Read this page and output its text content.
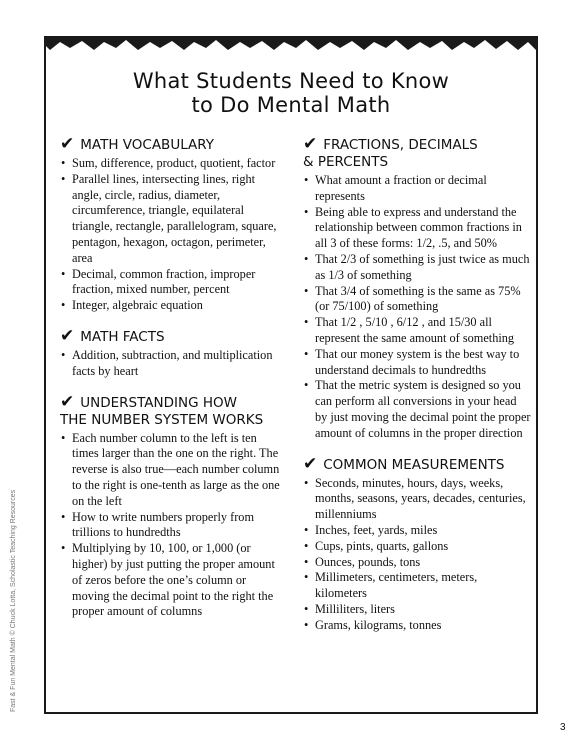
What Students Need to Know
to Do Mental Math
✔ MATH VOCABULARY
• Sum, difference, product, quotient, factor
• Parallel lines, intersecting lines, right angle, circle, radius, diameter, circumference, triangle, equilateral triangle, rectangle, parallelogram, square, pentagon, hexagon, octagon, perimeter, area
• Decimal, common fraction, improper fraction, mixed number, percent
• Integer, algebraic equation
✔ MATH FACTS
• Addition, subtraction, and multiplication facts by heart
✔ UNDERSTANDING HOW
THE NUMBER SYSTEM WORKS
• Each number column to the left is ten times larger than the one on the right. The reverse is also true—each number column to the right is one-tenth as large as the one on the left
• How to write numbers properly from trillions to hundredths
• Multiplying by 10, 100, or 1,000 (or higher) by just putting the proper amount of zeros before the one’s column or moving the decimal point to the right the proper amount of columns
✔ FRACTIONS, DECIMALS
& PERCENTS
• What amount a fraction or decimal represents
• Being able to express and understand the relationship between common fractions in all 3 of these forms: 1/2, .5, and 50%
• That 2/3 of something is just twice as much as 1/3 of something
• That 3/4 of something is the same as 75% (or 75/100) of something
• That 1/2 , 5/10 , 6/12 , and 15/30 all represent the same amount of something
• That our money system is the best way to understand decimals to hundredths
• That the metric system is designed so you can perform all conversions in your head by just moving the decimal point the proper amount of columns in the proper direction
✔ COMMON MEASUREMENTS
• Seconds, minutes, hours, days, weeks, months, seasons, years, decades, centuries, millenniums
• Inches, feet, yards, miles
• Cups, pints, quarts, gallons
• Ounces, pounds, tons
• Millimeters, centimeters, meters, kilometers
• Milliliters, liters
• Grams, kilograms, tonnes
Fast & Fun Mental Math © Chuck Lotta, Scholastic Teaching Resources
3
